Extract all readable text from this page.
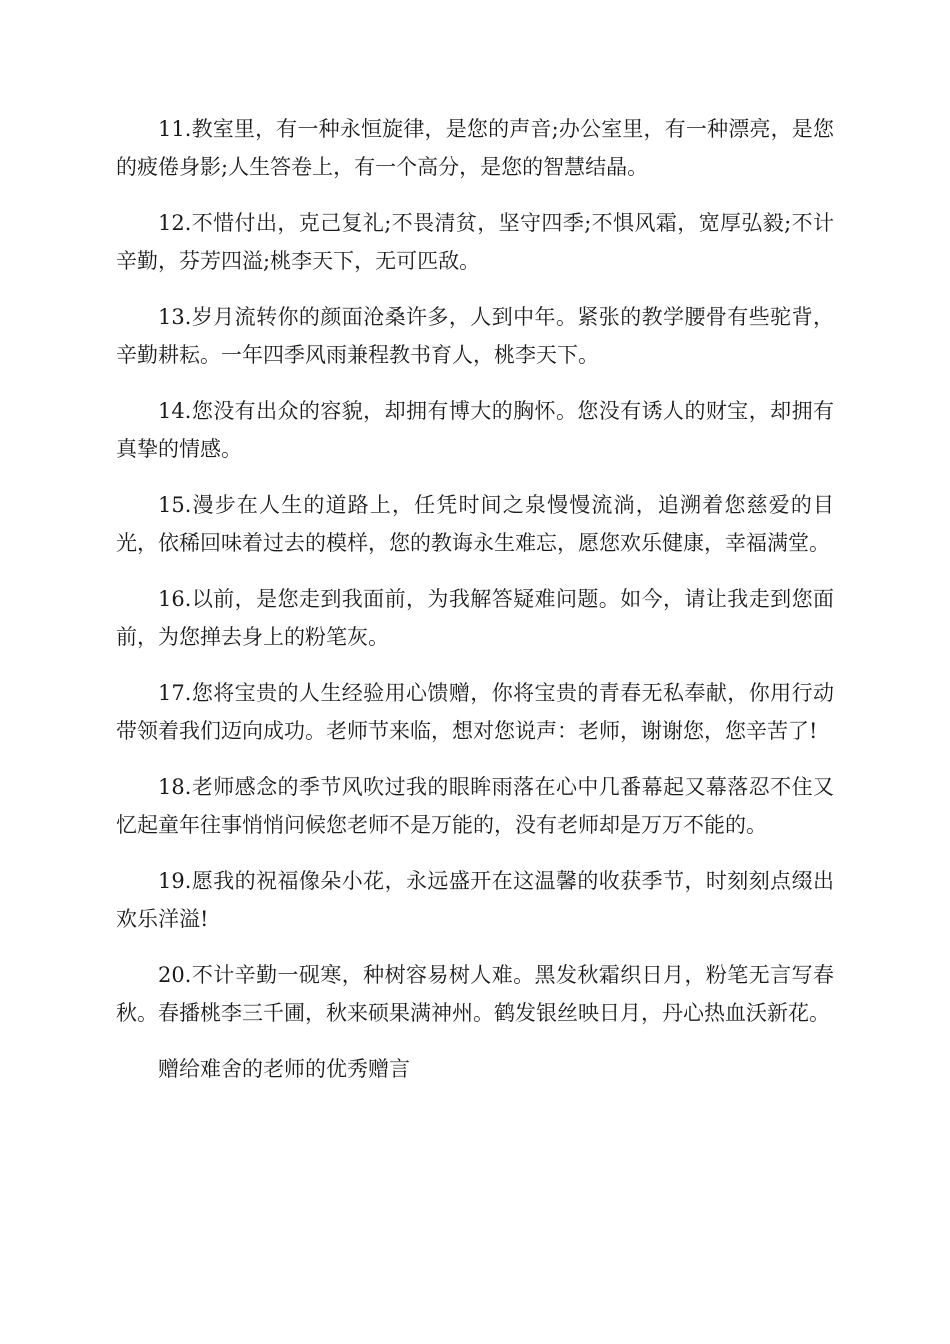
11.教室里，有一种永恒旋律，是您的声音;办公室里，有一种漂亮，是您的疲倦身影;人生答卷上，有一个高分，是您的智慧结晶。

12.不惜付出，克己复礼;不畏清贫，坚守四季;不惧风霜，宽厚弘毅;不计辛勤，芬芳四溢;桃李天下，无可匹敌。

13.岁月流转你的颜面沧桑许多，人到中年。紧张的教学腰骨有些驼背，辛勤耕耘。一年四季风雨兼程教书育人，桃李天下。

14.您没有出众的容貌，却拥有博大的胸怀。您没有诱人的财宝，却拥有真挚的情感。

15.漫步在人生的道路上，任凭时间之泉慢慢流淌，追溯着您慈爱的目光，依稀回味着过去的模样，您的教诲永生难忘，愿您欢乐健康，幸福满堂。

16.以前，是您走到我面前，为我解答疑难问题。如今，请让我走到您面前，为您掸去身上的粉笔灰。

17.您将宝贵的人生经验用心馈赠，你将宝贵的青春无私奉献，你用行动带领着我们迈向成功。老师节来临，想对您说声：老师，谢谢您，您辛苦了!

18.老师感念的季节风吹过我的眼眸雨落在心中几番幕起又幕落忍不住又忆起童年往事悄悄问候您老师不是万能的，没有老师却是万万不能的。

19.愿我的祝福像朵小花，永远盛开在这温馨的收获季节，时刻刻点缀出欢乐洋溢!

20.不计辛勤一砚寒，种树容易树人难。黑发秋霜织日月，粉笔无言写春秋。春播桃李三千圃，秋来硕果满神州。鹤发银丝映日月，丹心热血沃新花。

赠给难舍的老师的优秀赠言
